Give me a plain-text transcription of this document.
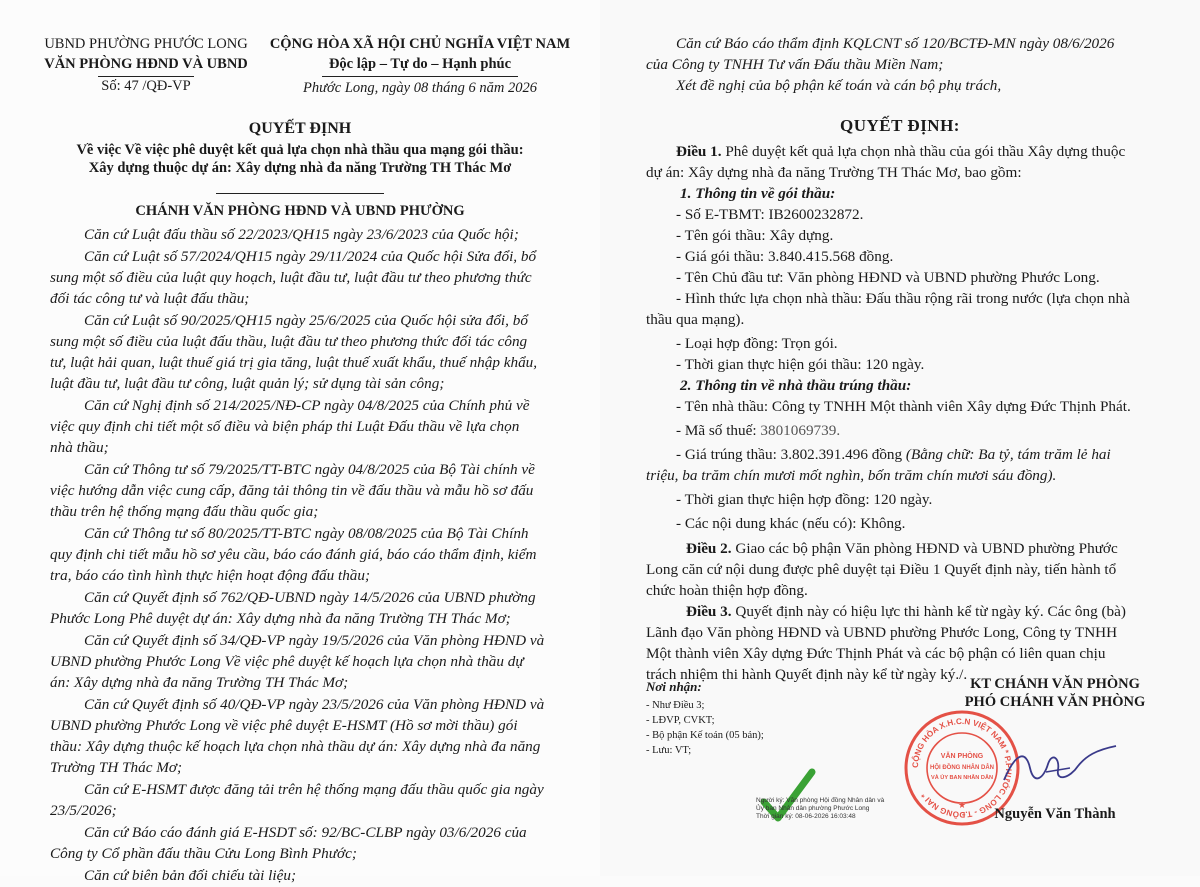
UBND PHƯỜNG PHƯỚC LONG
VĂN PHÒNG HĐND VÀ UBND
Số: 47 /QĐ-VP
CỘNG HÒA XÃ HỘI CHỦ NGHĨA VIỆT NAM
Độc lập – Tự do – Hạnh phúc
Phước Long, ngày 08 tháng 6 năm 2026
QUYẾT ĐỊNH
Về việc Về việc phê duyệt kết quả lựa chọn nhà thầu qua mạng gói thầu:
Xây dựng thuộc dự án: Xây dựng nhà đa năng Trường TH Thác Mơ
CHÁNH VĂN PHÒNG HĐND VÀ UBND PHƯỜNG
Căn cứ Luật đấu thầu số 22/2023/QH15 ngày 23/6/2023 của Quốc hội;
Căn cứ Luật số 57/2024/QH15 ngày 29/11/2024 của Quốc hội Sửa đổi, bổ
sung một số điều của luật quy hoạch, luật đầu tư, luật đầu tư theo phương thức
đối tác công tư và luật đấu thầu;
Căn cứ Luật số 90/2025/QH15 ngày 25/6/2025 của Quốc hội sửa đổi, bổ
sung một số điều của luật đấu thầu, luật đầu tư theo phương thức đối tác công
tư, luật hải quan, luật thuế giá trị gia tăng, luật thuế xuất khẩu, thuế nhập khẩu,
luật đầu tư, luật đầu tư công, luật quản lý; sử dụng tài sản công;
Căn cứ Nghị định số 214/2025/NĐ-CP ngày 04/8/2025 của Chính phủ về
việc quy định chi tiết một số điều và biện pháp thi Luật Đấu thầu về lựa chọn
nhà thầu;
Căn cứ Thông tư số 79/2025/TT-BTC ngày 04/8/2025 của Bộ Tài chính về
việc hướng dẫn việc cung cấp, đăng tải thông tin về đấu thầu và mẫu hồ sơ đấu
thầu trên hệ thống mạng đấu thầu quốc gia;
Căn cứ Thông tư số 80/2025/TT-BTC ngày 08/08/2025 của Bộ Tài Chính
quy định chi tiết mẫu hồ sơ yêu cầu, báo cáo đánh giá, báo cáo thẩm định, kiểm
tra, báo cáo tình hình thực hiện hoạt động đấu thầu;
Căn cứ Quyết định số 762/QĐ-UBND ngày 14/5/2026 của UBND phường
Phước Long Phê duyệt dự án: Xây dựng nhà đa năng Trường TH Thác Mơ;
Căn cứ Quyết định số 34/QĐ-VP ngày 19/5/2026 của Văn phòng HĐND và
UBND phường Phước Long Về việc phê duyệt kế hoạch lựa chọn nhà thầu dự
án: Xây dựng nhà đa năng Trường TH Thác Mơ;
Căn cứ Quyết định số 40/QĐ-VP ngày 23/5/2026 của Văn phòng HĐND và
UBND phường Phước Long về việc phê duyệt E-HSMT (Hồ sơ mời thầu) gói
thầu: Xây dựng thuộc kế hoạch lựa chọn nhà thầu dự án: Xây dựng nhà đa năng
Trường TH Thác Mơ;
Căn cứ E-HSMT được đăng tải trên hệ thống mạng đấu thầu quốc gia ngày
23/5/2026;
Căn cứ Báo cáo đánh giá E-HSDT số: 92/BC-CLBP ngày 03/6/2026 của
Công ty Cổ phần đấu thầu Cửu Long Bình Phước;
Căn cứ biên bản đối chiếu tài liệu;
Căn cứ Báo cáo thẩm định KQLCNT số 120/BCTĐ-MN ngày 08/6/2026
của Công ty TNHH Tư vấn Đấu thầu Miền Nam;
Xét đề nghị của bộ phận kế toán và cán bộ phụ trách,
QUYẾT ĐỊNH:
Điều 1. Phê duyệt kết quả lựa chọn nhà thầu của gói thầu Xây dựng thuộc
dự án: Xây dựng nhà đa năng Trường TH Thác Mơ, bao gồm:
1. Thông tin về gói thầu:
- Số E-TBMT: IB2600232872.
- Tên gói thầu: Xây dựng.
- Giá gói thầu: 3.840.415.568 đồng.
- Tên Chủ đầu tư: Văn phòng HĐND và UBND phường Phước Long.
- Hình thức lựa chọn nhà thầu: Đấu thầu rộng rãi trong nước (lựa chọn nhà
thầu qua mạng).
- Loại hợp đồng: Trọn gói.
- Thời gian thực hiện gói thầu: 120 ngày.
2. Thông tin về nhà thầu trúng thầu:
- Tên nhà thầu: Công ty TNHH Một thành viên Xây dựng Đức Thịnh Phát.
- Mã số thuế: 3801069739.
- Giá trúng thầu: 3.802.391.496 đồng (Bằng chữ: Ba tỷ, tám trăm lẻ hai
triệu, ba trăm chín mươi mốt nghìn, bốn trăm chín mươi sáu đồng).
- Thời gian thực hiện hợp đồng: 120 ngày.
- Các nội dung khác (nếu có): Không.
Điều 2. Giao các bộ phận Văn phòng HĐND và UBND phường Phước
Long căn cứ nội dung được phê duyệt tại Điều 1 Quyết định này, tiến hành tổ
chức hoàn thiện hợp đồng.
Điều 3. Quyết định này có hiệu lực thi hành kể từ ngày ký. Các ông (bà)
Lãnh đạo Văn phòng HĐND và UBND phường Phước Long, Công ty TNHH
Một thành viên Xây dựng Đức Thịnh Phát và các bộ phận có liên quan chịu
trách nhiệm thi hành Quyết định này kể từ ngày ký./.
Nơi nhận:
- Như Điều 3;
- LĐVP, CVKT;
- Bộ phận Kế toán (05 bản);
- Lưu: VT;
Người ký: Văn phòng Hội đồng Nhân dân và
Ủy ban Nhân dân phường Phước Long
Thời gian ký: 08-06-2026 16:03:48
KT CHÁNH VĂN PHÒNG
PHÓ CHÁNH VĂN PHÒNG
CỘNG HÒA X.H.C.N VIỆT NAM * P.PHƯỚC LONG - T.ĐỒNG NAI *
VĂN PHÒNG
HỘI ĐỒNG NHÂN DÂN
VÀ ỦY BAN NHÂN DÂN
★
Nguyễn Văn Thành
